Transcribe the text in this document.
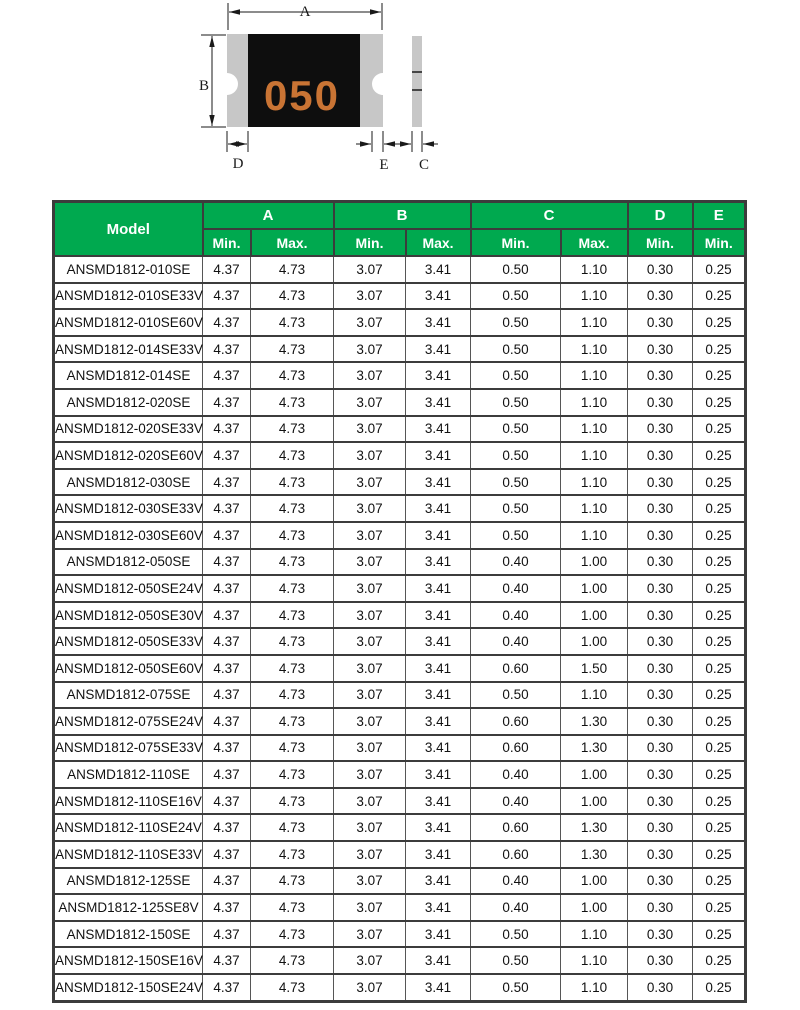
050
A
B
D	E C
Model	A		B		C		D	E
	Min.	Max.	Min.	Max.	Min.	Max.	Min.	Min.
ANSMD1812-010SE	4.37	4.73	3.07	3.41	0.50	1.10	0.30	0.25
ANSMD1812-010SE33V	4.37	4.73	3.07	3.41	0.50	1.10	0.30	0.25
ANSMD1812-010SE60V	4.37	4.73	3.07	3.41	0.50	1.10	0.30	0.25
ANSMD1812-014SE33V	4.37	4.73	3.07	3.41	0.50	1.10	0.30	0.25
ANSMD1812-014SE	4.37	4.73	3.07	3.41	0.50	1.10	0.30	0.25
ANSMD1812-020SE	4.37	4.73	3.07	3.41	0.50	1.10	0.30	0.25
ANSMD1812-020SE33V	4.37	4.73	3.07	3.41	0.50	1.10	0.30	0.25
ANSMD1812-020SE60V	4.37	4.73	3.07	3.41	0.50	1.10	0.30	0.25
ANSMD1812-030SE	4.37	4.73	3.07	3.41	0.50	1.10	0.30	0.25
ANSMD1812-030SE33V	4.37	4.73	3.07	3.41	0.50	1.10	0.30	0.25
ANSMD1812-030SE60V	4.37	4.73	3.07	3.41	0.50	1.10	0.30	0.25
ANSMD1812-050SE	4.37	4.73	3.07	3.41	0.40	1.00	0.30	0.25
ANSMD1812-050SE24V	4.37	4.73	3.07	3.41	0.40	1.00	0.30	0.25
ANSMD1812-050SE30V	4.37	4.73	3.07	3.41	0.40	1.00	0.30	0.25
ANSMD1812-050SE33V	4.37	4.73	3.07	3.41	0.40	1.00	0.30	0.25
ANSMD1812-050SE60V	4.37	4.73	3.07	3.41	0.60	1.50	0.30	0.25
ANSMD1812-075SE	4.37	4.73	3.07	3.41	0.50	1.10	0.30	0.25
ANSMD1812-075SE24V	4.37	4.73	3.07	3.41	0.60	1.30	0.30	0.25
ANSMD1812-075SE33V	4.37	4.73	3.07	3.41	0.60	1.30	0.30	0.25
ANSMD1812-110SE	4.37	4.73	3.07	3.41	0.40	1.00	0.30	0.25
ANSMD1812-110SE16V	4.37	4.73	3.07	3.41	0.40	1.00	0.30	0.25
ANSMD1812-110SE24V	4.37	4.73	3.07	3.41	0.60	1.30	0.30	0.25
ANSMD1812-110SE33V	4.37	4.73	3.07	3.41	0.60	1.30	0.30	0.25
ANSMD1812-125SE	4.37	4.73	3.07	3.41	0.40	1.00	0.30	0.25
ANSMD1812-125SE8V	4.37	4.73	3.07	3.41	0.40	1.00	0.30	0.25
ANSMD1812-150SE	4.37	4.73	3.07	3.41	0.50	1.10	0.30	0.25
ANSMD1812-150SE16V	4.37	4.73	3.07	3.41	0.50	1.10	0.30	0.25
ANSMD1812-150SE24V	4.37	4.73	3.07	3.41	0.50	1.10	0.30	0.25
